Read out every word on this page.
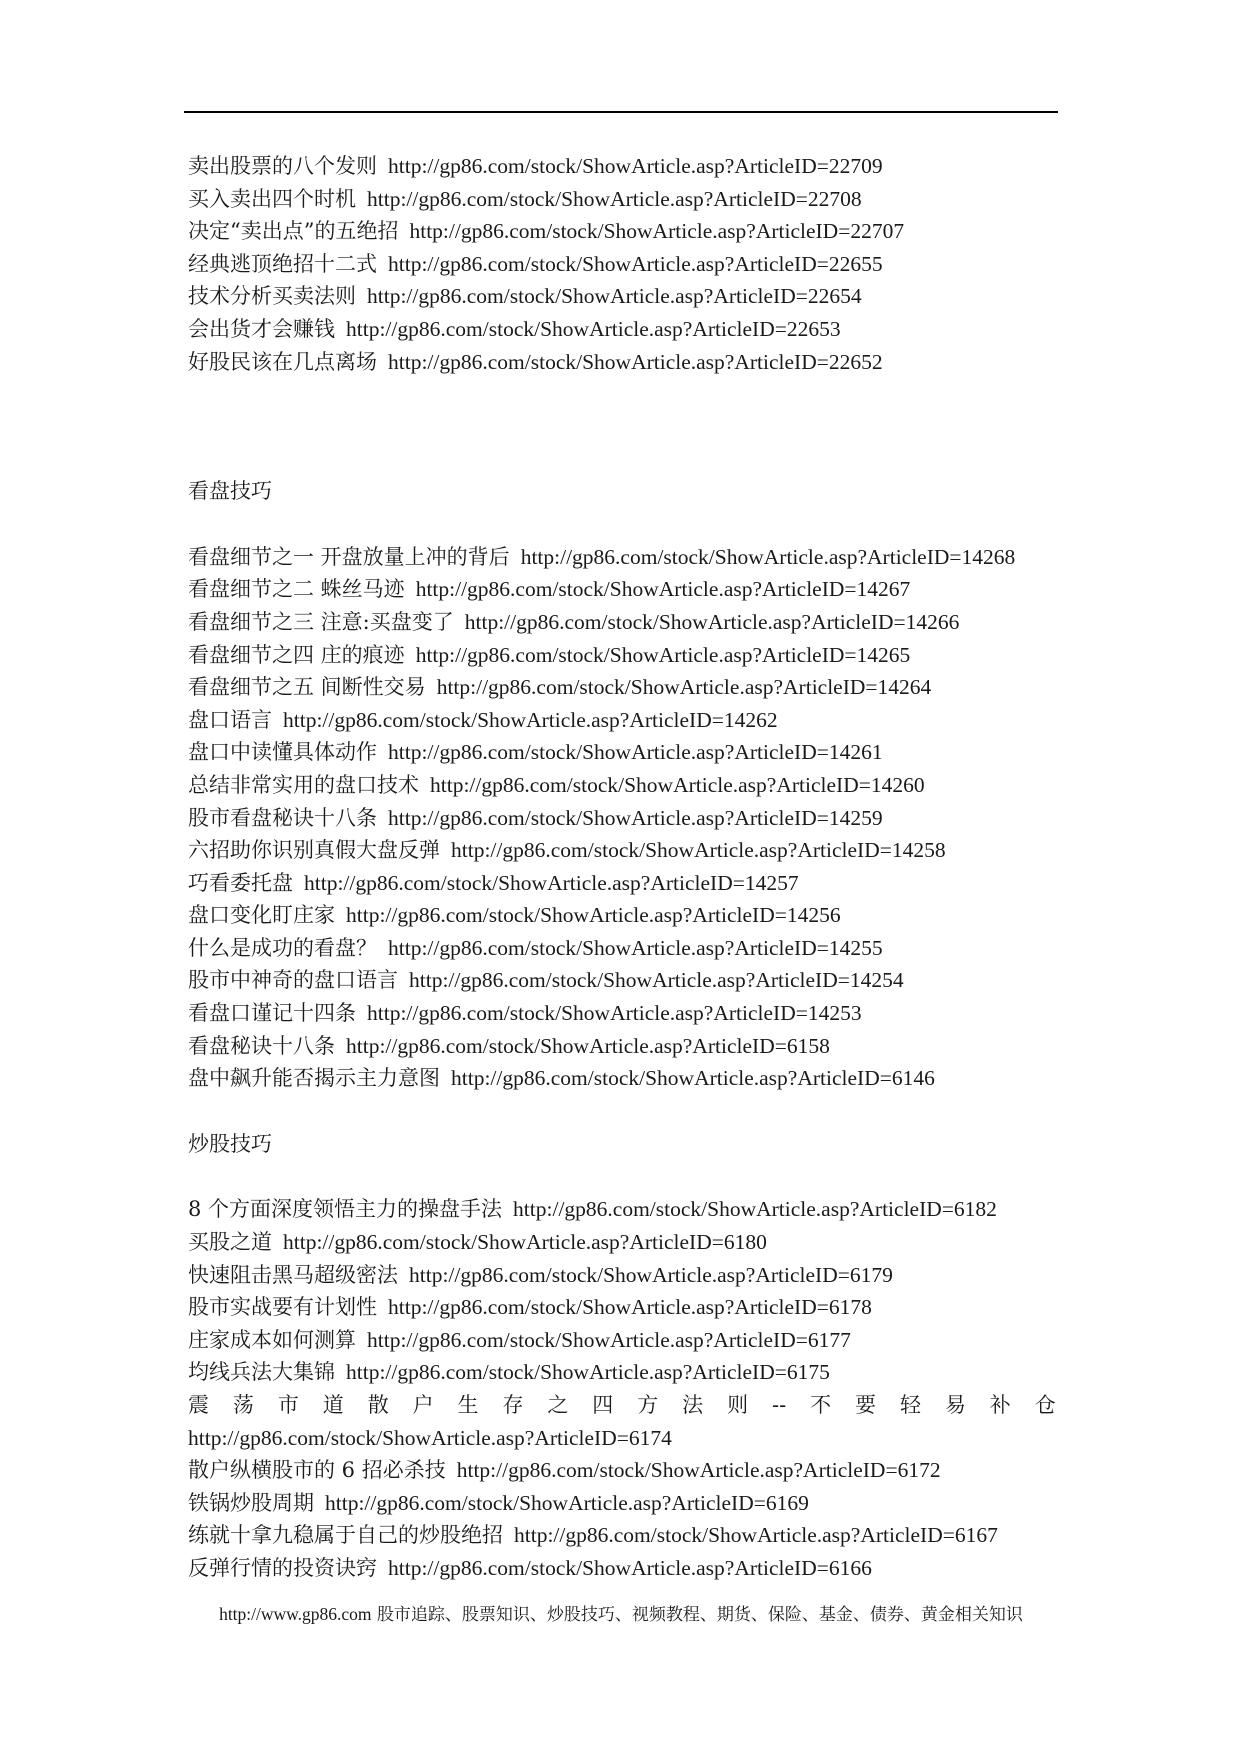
卖出股票的八个发则 http://gp86.com/stock/ShowArticle.asp?ArticleID=22709
买入卖出四个时机 http://gp86.com/stock/ShowArticle.asp?ArticleID=22708
决定“卖出点”的五绝招 http://gp86.com/stock/ShowArticle.asp?ArticleID=22707
经典逃顶绝招十二式 http://gp86.com/stock/ShowArticle.asp?ArticleID=22655
技术分析买卖法则 http://gp86.com/stock/ShowArticle.asp?ArticleID=22654
会出货才会赚钱 http://gp86.com/stock/ShowArticle.asp?ArticleID=22653
好股民该在几点离场 http://gp86.com/stock/ShowArticle.asp?ArticleID=22652
看盘技巧
看盘细节之一 开盘放量上冲的背后 http://gp86.com/stock/ShowArticle.asp?ArticleID=14268
看盘细节之二 蛛丝马迹 http://gp86.com/stock/ShowArticle.asp?ArticleID=14267
看盘细节之三 注意:买盘变了 http://gp86.com/stock/ShowArticle.asp?ArticleID=14266
看盘细节之四 庄的痕迹 http://gp86.com/stock/ShowArticle.asp?ArticleID=14265
看盘细节之五 间断性交易 http://gp86.com/stock/ShowArticle.asp?ArticleID=14264
盘口语言 http://gp86.com/stock/ShowArticle.asp?ArticleID=14262
盘口中读懂具体动作 http://gp86.com/stock/ShowArticle.asp?ArticleID=14261
总结非常实用的盘口技术 http://gp86.com/stock/ShowArticle.asp?ArticleID=14260
股市看盘秘诀十八条 http://gp86.com/stock/ShowArticle.asp?ArticleID=14259
六招助你识别真假大盘反弹 http://gp86.com/stock/ShowArticle.asp?ArticleID=14258
巧看委托盘 http://gp86.com/stock/ShowArticle.asp?ArticleID=14257
盘口变化盯庄家 http://gp86.com/stock/ShowArticle.asp?ArticleID=14256
什么是成功的看盘？ http://gp86.com/stock/ShowArticle.asp?ArticleID=14255
股市中神奇的盘口语言 http://gp86.com/stock/ShowArticle.asp?ArticleID=14254
看盘口谨记十四条 http://gp86.com/stock/ShowArticle.asp?ArticleID=14253
看盘秘诀十八条 http://gp86.com/stock/ShowArticle.asp?ArticleID=6158
盘中飙升能否揭示主力意图 http://gp86.com/stock/ShowArticle.asp?ArticleID=6146
炒股技巧
8 个方面深度领悟主力的操盘手法 http://gp86.com/stock/ShowArticle.asp?ArticleID=6182
买股之道 http://gp86.com/stock/ShowArticle.asp?ArticleID=6180
快速阻击黑马超级密法 http://gp86.com/stock/ShowArticle.asp?ArticleID=6179
股市实战要有计划性 http://gp86.com/stock/ShowArticle.asp?ArticleID=6178
庄家成本如何测算 http://gp86.com/stock/ShowArticle.asp?ArticleID=6177
均线兵法大集锦 http://gp86.com/stock/ShowArticle.asp?ArticleID=6175
震 荡 市 道 散 户 生 存 之 四 方 法 则 -- 不 要 轻 易 补 仓
http://gp86.com/stock/ShowArticle.asp?ArticleID=6174
散户纵横股市的 6 招必杀技 http://gp86.com/stock/ShowArticle.asp?ArticleID=6172
铁锅炒股周期 http://gp86.com/stock/ShowArticle.asp?ArticleID=6169
练就十拿九稳属于自己的炒股绝招 http://gp86.com/stock/ShowArticle.asp?ArticleID=6167
反弹行情的投资诀窍 http://gp86.com/stock/ShowArticle.asp?ArticleID=6166
http://www.gp86.com 股市追踪、股票知识、炒股技巧、视频教程、期货、保险、基金、债券、黄金相关知识
